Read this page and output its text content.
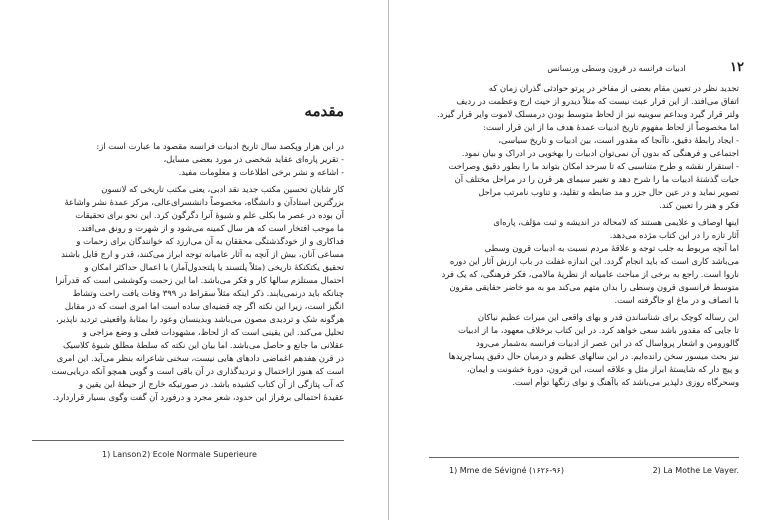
مقدمه
در این هزار وپکصد سال تاریخ ادبیات فرانسه مقصود ما عبارت است از:
- تقریر پاره‌ای عقاید شخصی در مورد بعضی مسایل،
- اشاعه و نشر برخی اطلاعات و معلومات مفید.
کار شایان تحسین مکتب جدید نقد ادبی، یعنی مکتب تاریخی که لانسون
بزرگترین استادآن و دانشگاه، مخصوصاً دانشسرای‌عالی، مرکز عمدهٔ نشر واشاعهٔ
آن بوده در عصر ما بکلی علم و شیوهٔ آنرا دگرگون کرد. این نحو برای تحقیقات
ما موجب افتخار است که هر سال کمینه می‌شود و از شهرت و رونق می‌افتد.
فداکاری و از خودگذشتگی محققان به آن می‌ارزد که خوانندگان برای زحمات و
مساعی آنان، بیش از آنچه به آثار عامیانه توجه ابراز می‌کنند، قدر و ارج قایل باشند
تحقیق یکتکنکهٔ تاریخی (مثلاً پلتسند یا پلتجدول‌آمار) با اعمال حداکثر امکان و
احتمال مستلزم سالها کار و فکر می‌باشد. اما این زحمت وکوششی است که قدرآنرا
چنانکه باید درنمی‌یابند. ذکر اینکه مثلاً سقراط در ۳۹۹ وفات یافت راحت وتشاط
انگیز است، زیرا این نکته اگر چه قضیه‌ای ساده است اما امری است که در مقابل
هرگونه شک و تردیدی مصون می‌باشد وبدینسان وعود را بمثابهٔ واقعیتی تردید ناپذیر،
تحلیل می‌کند. این یقینی است که از لحاظ، مشهودات فعلی و وضع مزاجی و
عقلانی ما جانع و حاصل می‌باشد. اما بیان این نکته که سلطهٔ مطلق شیوهٔ کلاسیک
در قرن هفدهم اغماضی دادهای هایی نیست، سخنی شاعرانه بنظر می‌آید. این امری
است که هنوز ازاختمال و تردیدگذاری در آن باقی است و گویی همچو آنکه دریایی‌ست
که آب پتازگی از آن کتاب کشیده باشد. در صورتیکه خارج از حیطهٔ این یقین و
عقیدهٔ احتمالی برفراز این حدود، شعر مجرد و درفورد آن گفت وگوی بسیار قراردارد.
1) Lanson 2) Ecole Normale Superieure
ادبیات فرانسه در قرون وسطی ورنسانس	۱۲
تجدید نظر در تعیین مقام بعضی از مفاخر در پرتو حوادثی گذران زمان که
اتفاق می‌افتد. از این قرار عبث نیست که مثلاً دیدرو از حیث ارج وعظمت در ردیف
ولتر قرار گیرد وبداعم سوینیه نیز از لحاظ متوسط بودن درمسلک لاموت وایر قرار گیرد.
اما مخصوصاً از لحاظ مفهوم تاریخ ادبیات عمدهٔ هدف ما از این قرار است:
- ایجاد رابطهٔ دقیق، تاآنجا که مقدور است، بین ادبیات و تاریخ سیاسی،
اجتماعی و فرهنگی که بدون آن نمی‌توان ادبیات را بهخوبی در ادراک و بیان نمود.
- استقرار نقشه و طرح متناسبی که تا سرحد امکان بتواند ما را بطور دقیق وصراحت
حیات گذشتهٔ ادبیات ما را شرح دهد و تغییر سیمای هر قرن را در مراحل مختلف آن
تصویر نماید و در عین حال جزر و مد ضابطه و تقلید، و تناوب نامرتب مراحل
فکر و هنر را تعیین کند.
اینها اوصاف و علایمی هستند که لامحاله در اندیشه و ثبت مؤلف، پاره‌ای
آثار تازه را در این کتاب مژده می‌دهد.
اما آنچه مربوط به جلب توجه و علاقهٔ مردم نسبت به ادبیات قرون وسطی
می‌باشد کاری است که باید انجام گردد. این اندازه غفلت در باب ارزش آثار این دوره
ناروا است. راجع به برخی از مباحث عامیانه از نظریهٔ مالامی، فکر فرهنگی، که یک فرد
متوسط فرانسوی قرون وسطی را بدان متهم می‌کند مو به مو خاضر حقایقی مقرون
با انصاف و در ماغ او جاگرفته است.
این رساله کوچک برای شناساندن قدر و بهای واقعی این میراث عظیم نیاکان
تا جایی که مقدور باشد سعی خواهد کرد. در این کتاب برخلاف معهود، ما از ادبیات
گالورومن و اشعار پرواسال که در این عصر از ادبیات فرانسه به‌شمار می‌رود
نیز بحث میسور سخن رانده‌ایم. در این سالهای عظیم و درمیان حال دقیق پساچریدها
و پیچ دار که شایستهٔ ابراز مثل و علاقه است، این قرون، دورهٔ خشونت و ایمان،
وسحرگاه روزی دلپذیر می‌باشد که باآهنگ و نوای زنگها توأم است.
1) Mme de Sévigné (۱۶۲۶-۹۶)	2) La Mothe Le Vayer.
